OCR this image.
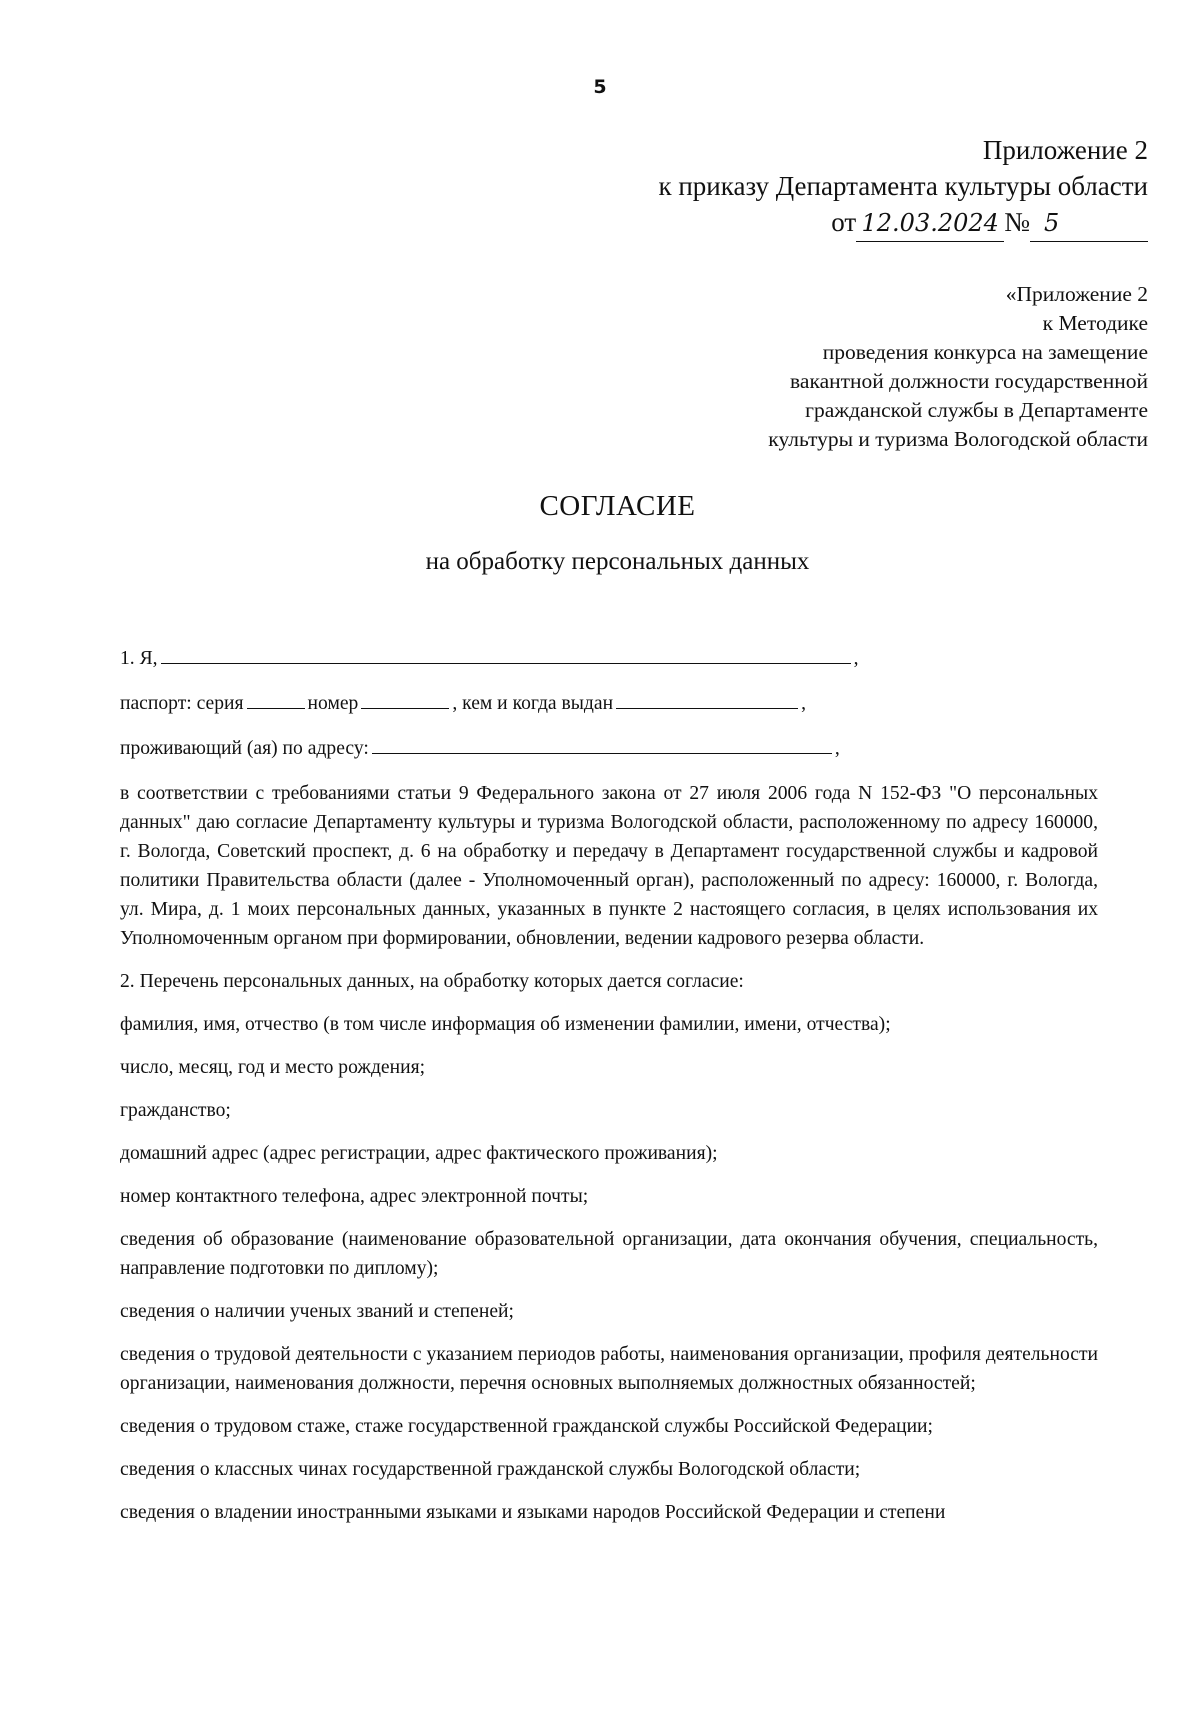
5
Приложение 2
к приказу Департамента культуры области
от 12.03.2024 № 5
«Приложение 2
к Методике
проведения конкурса на замещение
вакантной должности государственной
гражданской службы в Департаменте
культуры и туризма Вологодской области
СОГЛАСИЕ
на обработку персональных данных
1. Я,	,
паспорт: серия	номер	, кем и когда выдан	,
проживающий (ая) по адресу:	,

в соответствии с требованиями статьи 9 Федерального закона от 27 июля 2006 года N 152-ФЗ "О персональных данных" даю согласие Департаменту культуры и туризма Вологодской области, расположенному по адресу 160000, г. Вологда, Советский проспект, д. 6 на обработку и передачу в Департамент государственной службы и кадровой политики Правительства области (далее - Уполномоченный орган), расположенный по адресу: 160000, г. Вологда, ул. Мира, д. 1 моих персональных данных, указанных в пункте 2 настоящего согласия, в целях использования их Уполномоченным органом при формировании, обновлении, ведении кадрового резерва области.

2. Перечень персональных данных, на обработку которых дается согласие:

фамилия, имя, отчество (в том числе информация об изменении фамилии, имени, отчества);

число, месяц, год и место рождения;

гражданство;

домашний адрес (адрес регистрации, адрес фактического проживания);

номер контактного телефона, адрес электронной почты;

сведения об образование (наименование образовательной организации, дата окончания обучения, специальность, направление подготовки по диплому);

сведения о наличии ученых званий и степеней;

сведения о трудовой деятельности с указанием периодов работы, наименования организации, профиля деятельности организации, наименования должности, перечня основных выполняемых должностных обязанностей;

сведения о трудовом стаже, стаже государственной гражданской службы Российской Федерации;

сведения о классных чинах государственной гражданской службы Вологодской области;

сведения о владении иностранными языками и языками народов Российской Федерации и степени
